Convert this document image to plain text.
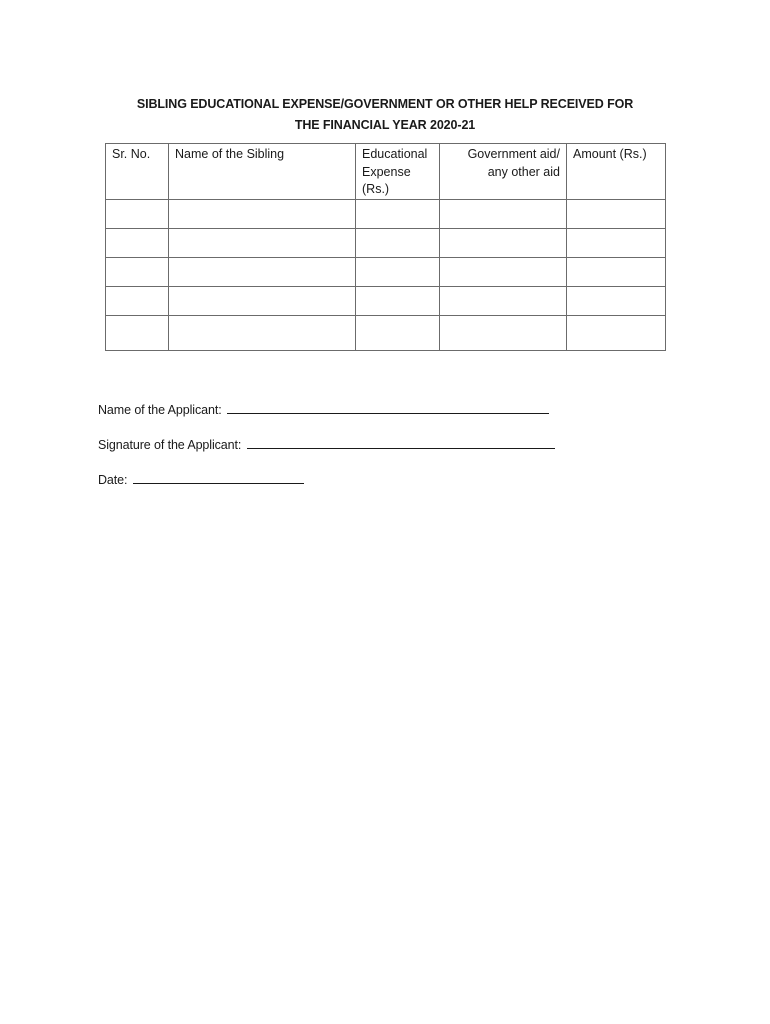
SIBLING EDUCATIONAL EXPENSE/GOVERNMENT OR OTHER HELP RECEIVED FOR
THE FINANCIAL YEAR 2020-21
Sr. No.	Name of the Sibling	Educational Expense (Rs.)	Government aid/ any other aid	Amount (Rs.)

Name of the Applicant:
Signature of the Applicant:
Date:
